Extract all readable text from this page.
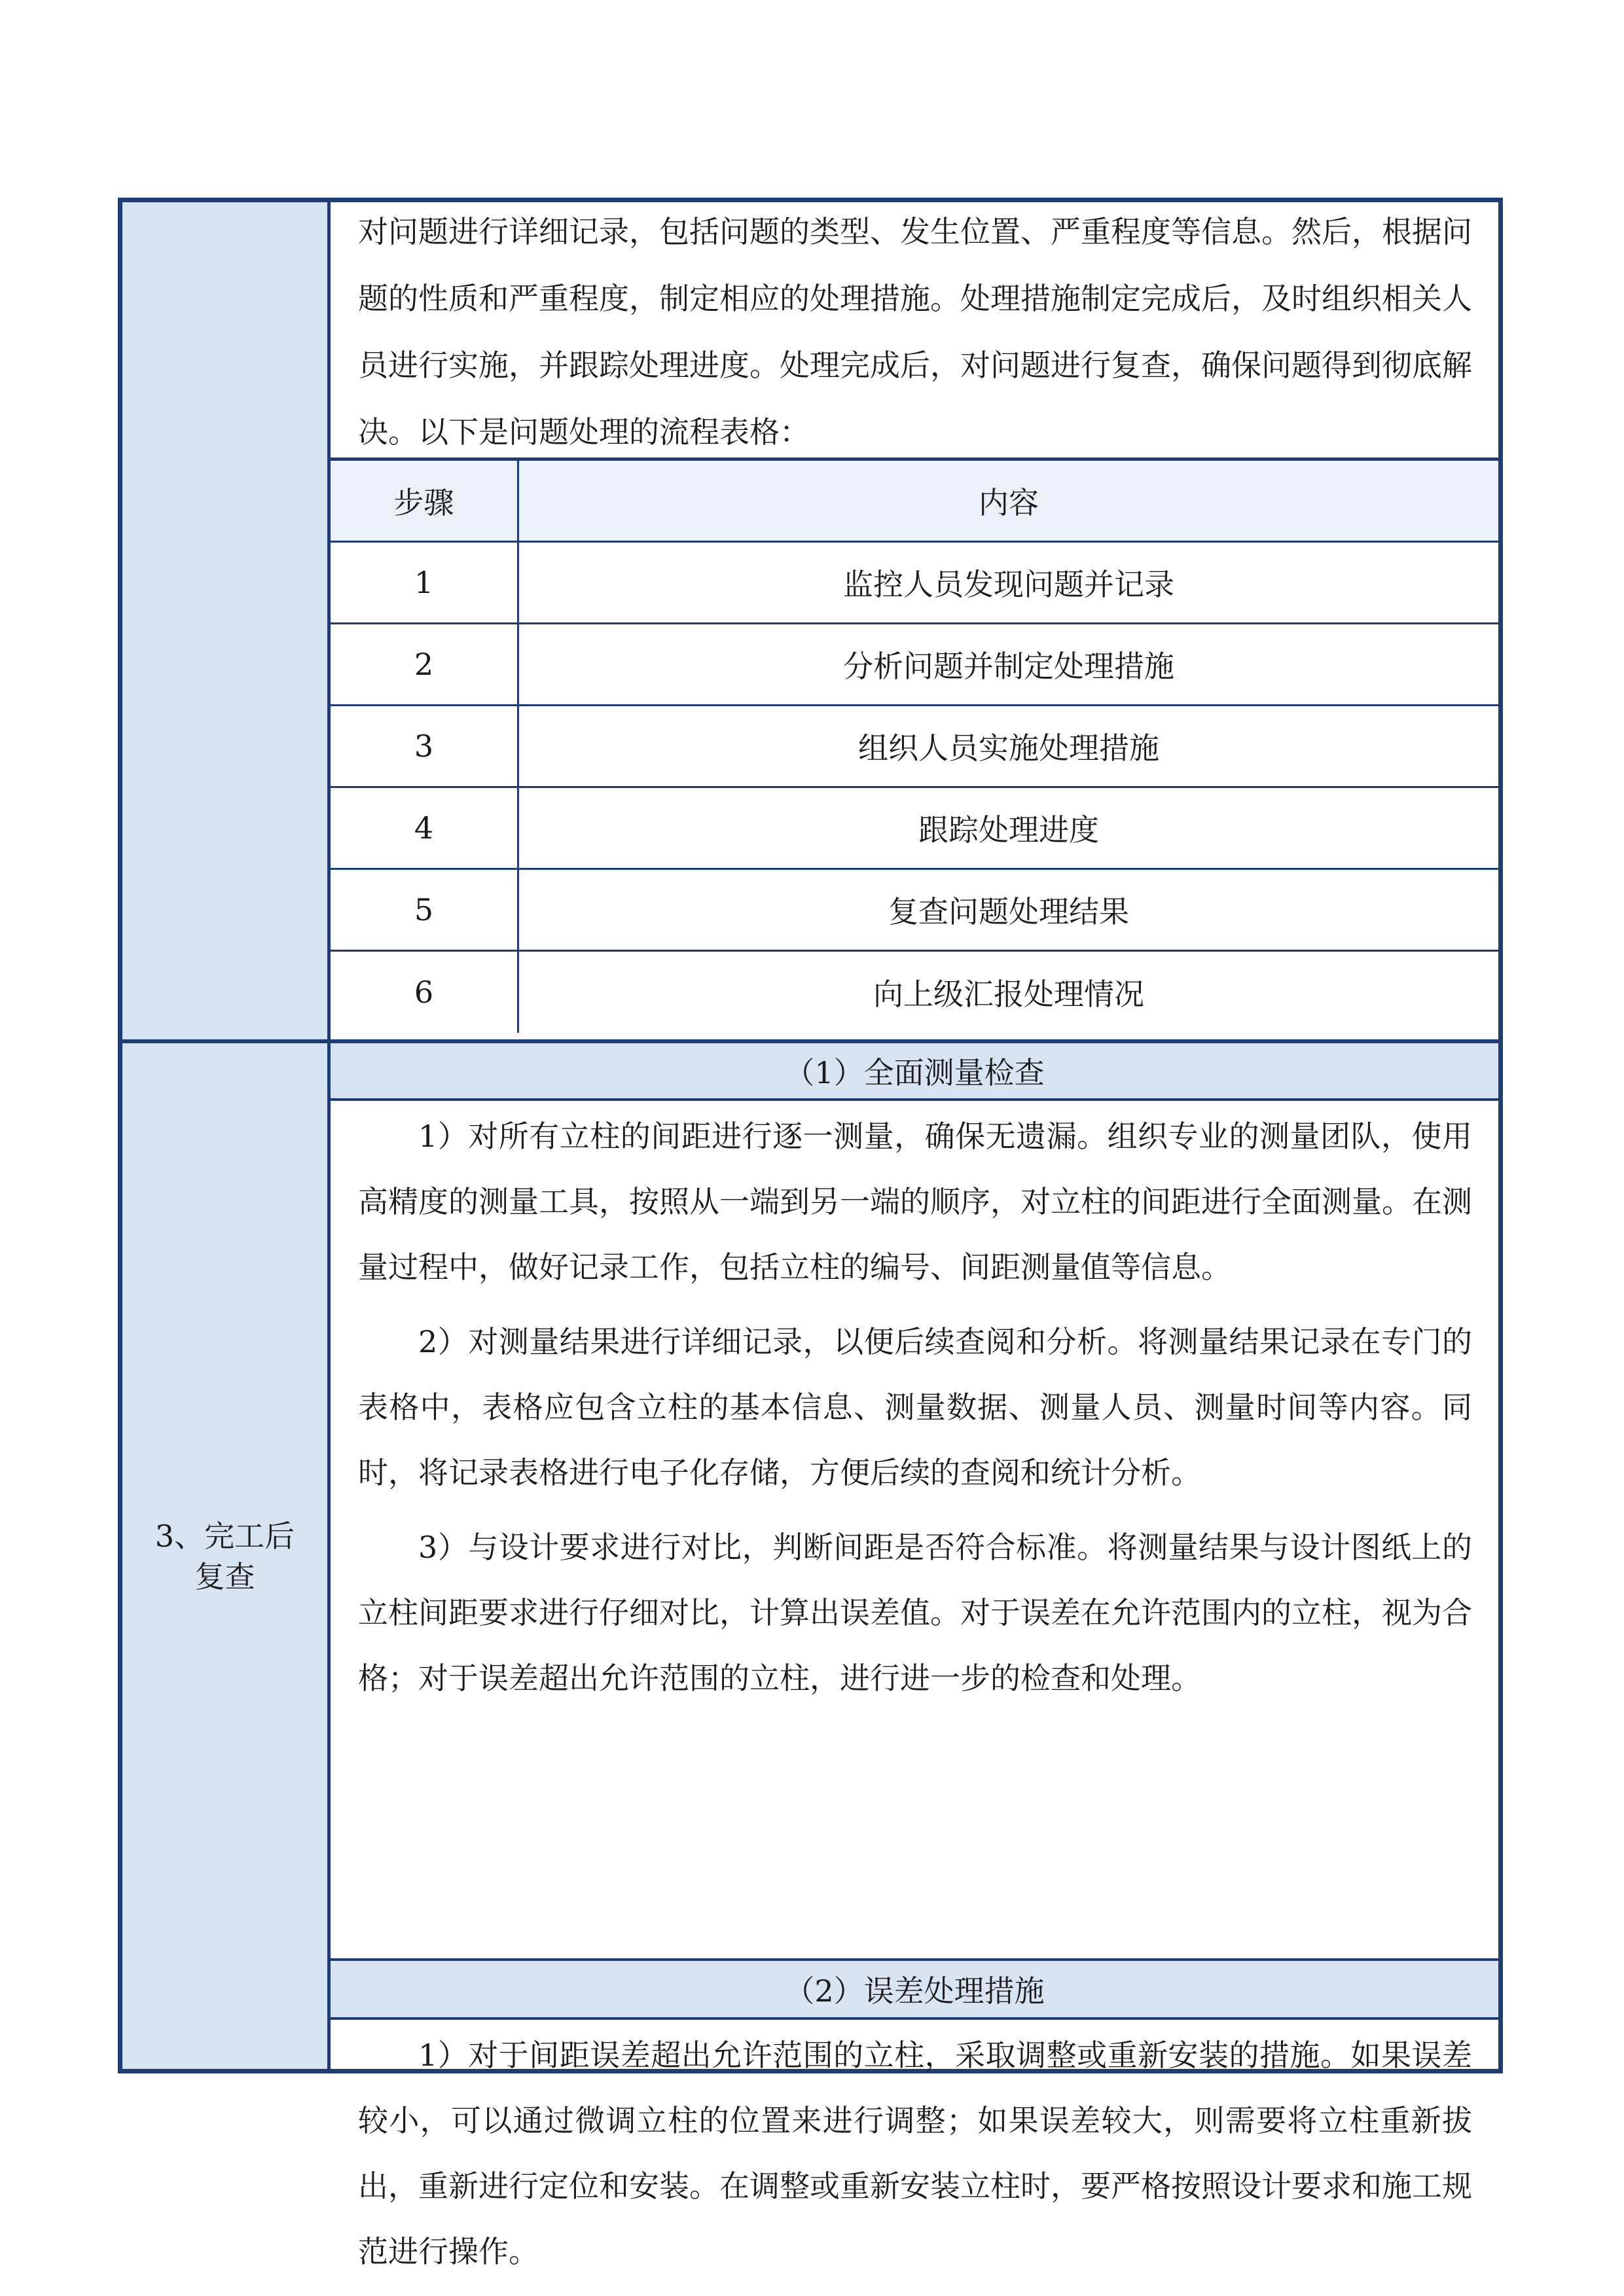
3、完工后
复查

对问题进行详细记录，包括问题的类型、发生位置、严重程度等信息。然后，根据问题的性质和严重程度，制定相应的处理措施。处理措施制定完成后，及时组织相关人员进行实施，并跟踪处理进度。处理完成后，对问题进行复查，确保问题得到彻底解决。以下是问题处理的流程表格：

步骤	内容
1	监控人员发现问题并记录
2	分析问题并制定处理措施
3	组织人员实施处理措施
4	跟踪处理进度
5	复查问题处理结果
6	向上级汇报处理情况
（1）全面测量检查

1）对所有立柱的间距进行逐一测量，确保无遗漏。组织专业的测量团队，使用高精度的测量工具，按照从一端到另一端的顺序，对立柱的间距进行全面测量。在测量过程中，做好记录工作，包括立柱的编号、间距测量值等信息。

2）对测量结果进行详细记录，以便后续查阅和分析。将测量结果记录在专门的表格中，表格应包含立柱的基本信息、测量数据、测量人员、测量时间等内容。同时，将记录表格进行电子化存储，方便后续的查阅和统计分析。

3）与设计要求进行对比，判断间距是否符合标准。将测量结果与设计图纸上的立柱间距要求进行仔细对比，计算出误差值。对于误差在允许范围内的立柱，视为合格；对于误差超出允许范围的立柱，进行进一步的检查和处理。

（2）误差处理措施

1）对于间距误差超出允许范围的立柱，采取调整或重新安装的措施。如果误差较小，可以通过微调立柱的位置来进行调整；如果误差较大，则需要将立柱重新拔出，重新进行定位和安装。在调整或重新安装立柱时，要严格按照设计要求和施工规范进行操作。
